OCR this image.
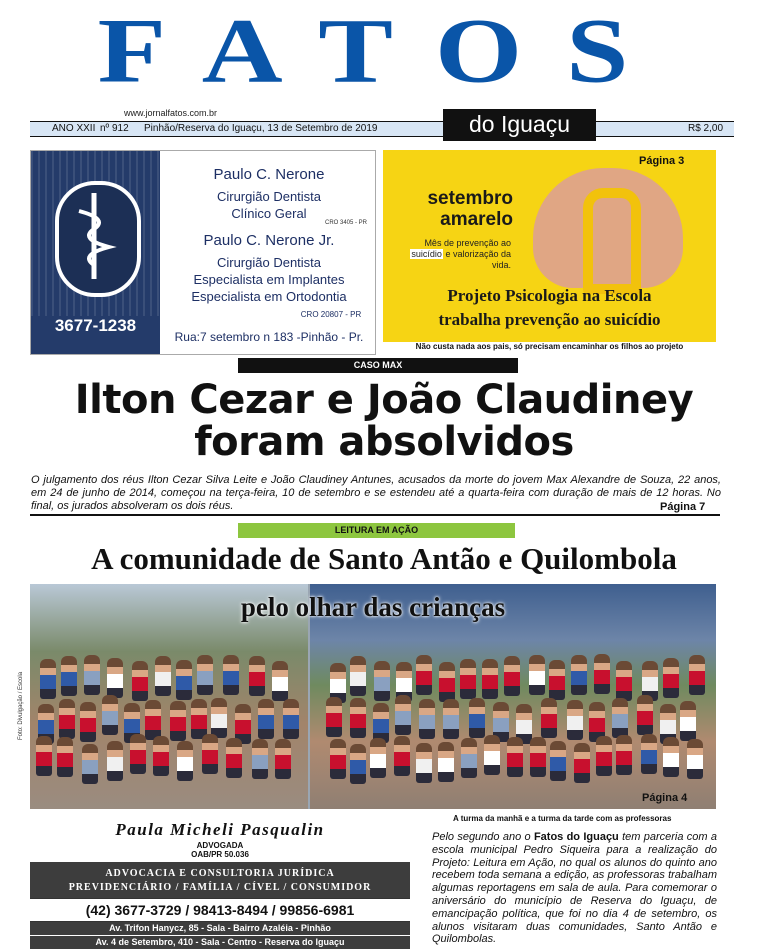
FATOS
www.jornalfatos.com.br
ANO XXII nº 912 Pinhão/Reserva do Iguaçu, 13 de Setembro de 2019	R$ 2,00
do Iguaçu
3677-1238
Paulo C. Nerone
Cirurgião Dentista
Clínico Geral
CRO 3405 - PR
Paulo C. Nerone Jr.
Cirurgião Dentista
Especialista em Implantes
Especialista em Ortodontia
CRO 20807 - PR
Rua:7 setembro n 183 -Pinhão - Pr.
Página 3
setembro amarelo
Mês de prevenção ao suicídio e valorização da vida.
Projeto Psicologia na Escola
trabalha prevenção ao suicídio
Não custa nada aos pais, só precisam encaminhar os filhos ao projeto
CASO MAX
Ilton Cezar e João Claudiney
foram absolvidos
O julgamento dos réus Ilton Cezar Silva Leite e João Claudiney Antunes, acusados da morte do jovem Max Alexandre de Souza, 22 anos, em 24 de junho de 2014, começou na terça-feira, 10 de setembro e se estendeu até a quarta-feira com duração de mais de 12 horas. No final, os jurados absolveram os dois réus.	Página 7
LEITURA EM AÇÃO
A comunidade de Santo Antão e Quilombola
pelo olhar das crianças
Foto: Divulgação / Escola
Página 4
A turma da manhã e a turma da tarde com as professoras
Paula Micheli Pasqualin
ADVOGADA
OAB/PR 50.036
ADVOCACIA E CONSULTORIA JURÍDICA
PREVIDENCIÁRIO / FAMÍLIA / CÍVEL / CONSUMIDOR
(42) 3677-3729 / 98413-8494 / 99856-6981
Av. Trifon Hanycz, 85 - Sala - Bairro Azaléia - Pinhão
Av. 4 de Setembro, 410 - Sala - Centro - Reserva do Iguaçu
Pelo segundo ano o Fatos do Iguaçu tem parceria com a escola municipal Pedro Siqueira para a realização do Projeto: Leitura em Ação, no qual os alunos do quinto ano recebem toda semana a edição, as professoras trabalham algumas reportagens em sala de aula. Para comemorar o aniversário do município de Reserva do Iguaçu, de emancipação política, que foi no dia 4 de setembro, os alunos visitaram duas comunidades, Santo Antão e Quilombolas.
